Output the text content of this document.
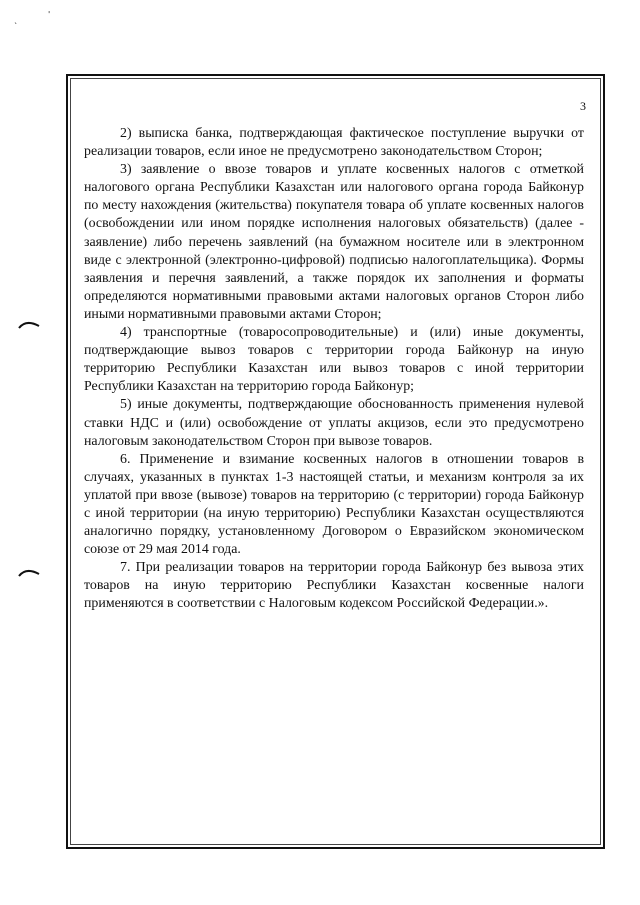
`
'
3

2) выписка банка, подтверждающая фактическое поступление выручки от реализации товаров, если иное не предусмотрено законодательством Сторон;

3) заявление о ввозе товаров и уплате косвенных налогов с отметкой налогового органа Республики Казахстан или налогового органа города Байконур по месту нахождения (жительства) покупателя товара об уплате косвенных налогов (освобождении или ином порядке исполнения налоговых обязательств) (далее - заявление) либо перечень заявлений (на бумажном носителе или в электронном виде с электронной (электронно-цифровой) подписью налогоплательщика). Формы заявления и перечня заявлений, а также порядок их заполнения и форматы определяются нормативными правовыми актами налоговых органов Сторон либо иными нормативными правовыми актами Сторон;

4) транспортные (товаросопроводительные) и (или) иные документы, подтверждающие вывоз товаров с территории города Байконур на иную территорию Республики Казахстан или вывоз товаров с иной территории Республики Казахстан на территорию города Байконур;

5) иные документы, подтверждающие обоснованность применения нулевой ставки НДС и (или) освобождение от уплаты акцизов, если это предусмотрено налоговым законодательством Сторон при вывозе товаров.

6. Применение и взимание косвенных налогов в отношении товаров в случаях, указанных в пунктах 1-3 настоящей статьи, и механизм контроля за их уплатой при ввозе (вывозе) товаров на территорию (с территории) города Байконур с иной территории (на иную территорию) Республики Казахстан осуществляются аналогично порядку, установленному Договором о Евразийском экономическом союзе от 29 мая 2014 года.

7. При реализации товаров на территории города Байконур без вывоза этих товаров на иную территорию Республики Казахстан косвенные налоги применяются в соответствии с Налоговым кодексом Российской Федерации.».
